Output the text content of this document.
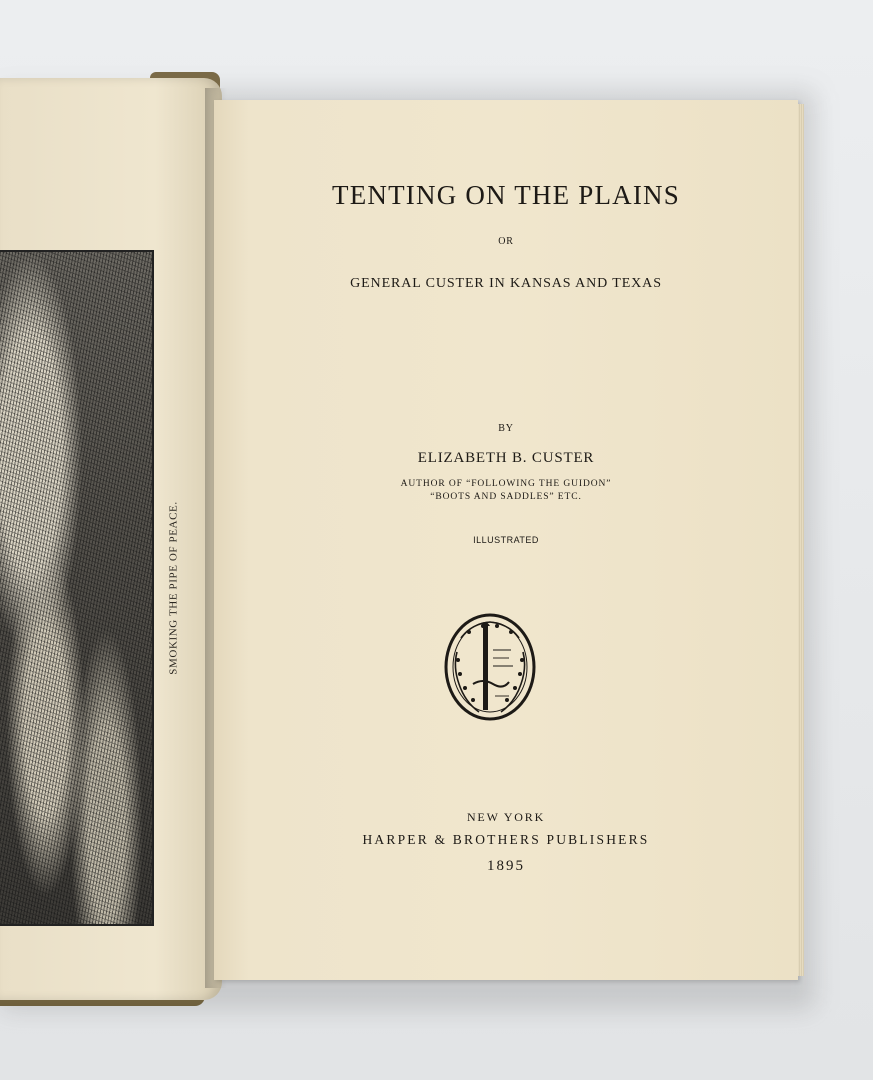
SMOKING THE PIPE OF PEACE.
TENTING ON THE PLAINS

OR

GENERAL CUSTER IN KANSAS AND TEXAS

BY

ELIZABETH B. CUSTER

AUTHOR OF “FOLLOWING THE GUIDON”

“BOOTS AND SADDLES” ETC.

ILLUSTRATED

NEW YORK

HARPER & BROTHERS PUBLISHERS

1895
